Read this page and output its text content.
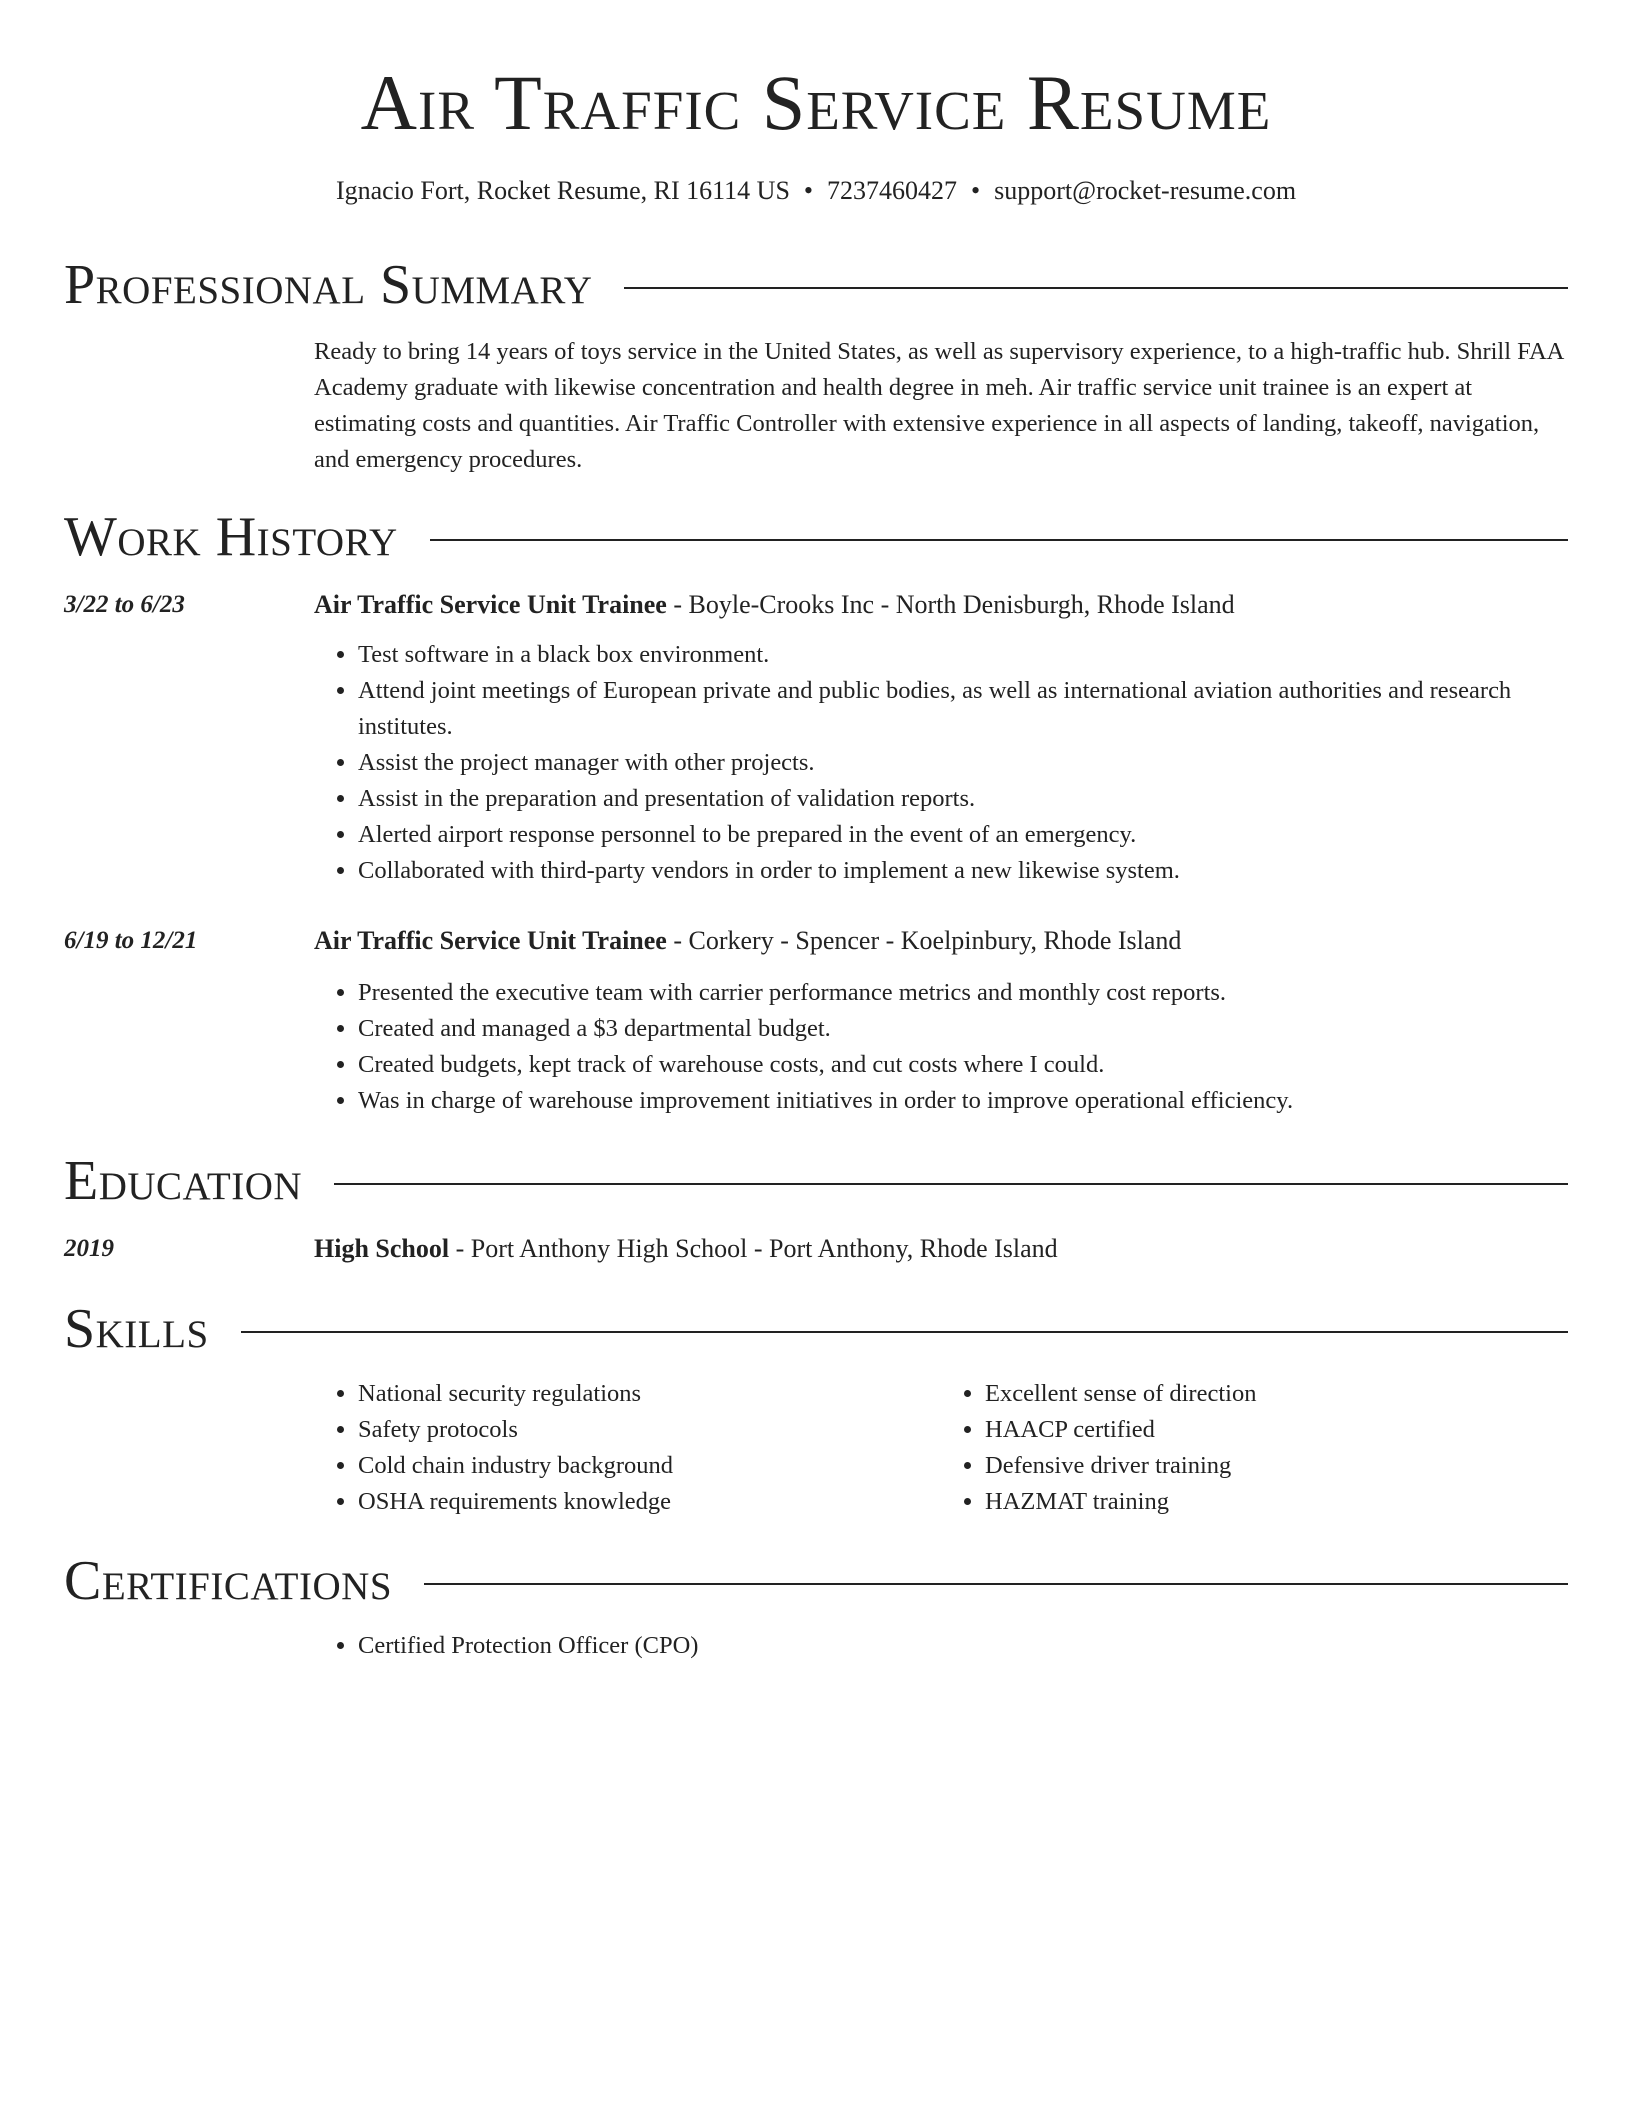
Air Traffic Service Resume
Ignacio Fort, Rocket Resume, RI 16114 US • 7237460427 • support@rocket-resume.com
Professional Summary

Ready to bring 14 years of toys service in the United States, as well as supervisory experience, to a high-traffic hub. Shrill FAA Academy graduate with likewise concentration and health degree in meh. Air traffic service unit trainee is an expert at estimating costs and quantities. Air Traffic Controller with extensive experience in all aspects of landing, takeoff, navigation, and emergency procedures.

Work History
3/22 to 6/23	Air Traffic Service Unit Trainee - Boyle-Crooks Inc - North Denisburgh, Rhode Island

• Test software in a black box environment.
• Attend joint meetings of European private and public bodies, as well as international aviation authorities and research institutes.
• Assist the project manager with other projects.
• Assist in the preparation and presentation of validation reports.
• Alerted airport response personnel to be prepared in the event of an emergency.
• Collaborated with third-party vendors in order to implement a new likewise system.
6/19 to 12/21	Air Traffic Service Unit Trainee - Corkery - Spencer - Koelpinbury, Rhode Island

• Presented the executive team with carrier performance metrics and monthly cost reports.
• Created and managed a $3 departmental budget.
• Created budgets, kept track of warehouse costs, and cut costs where I could.
• Was in charge of warehouse improvement initiatives in order to improve operational efficiency.
Education
2019	High School - Port Anthony High School - Port Anthony, Rhode Island

Skills
• National security regulations
• Safety protocols
• Cold chain industry background
• OSHA requirements knowledge
• Excellent sense of direction
• HAACP certified
• Defensive driver training
• HAZMAT training
Certifications
• Certified Protection Officer (CPO)
